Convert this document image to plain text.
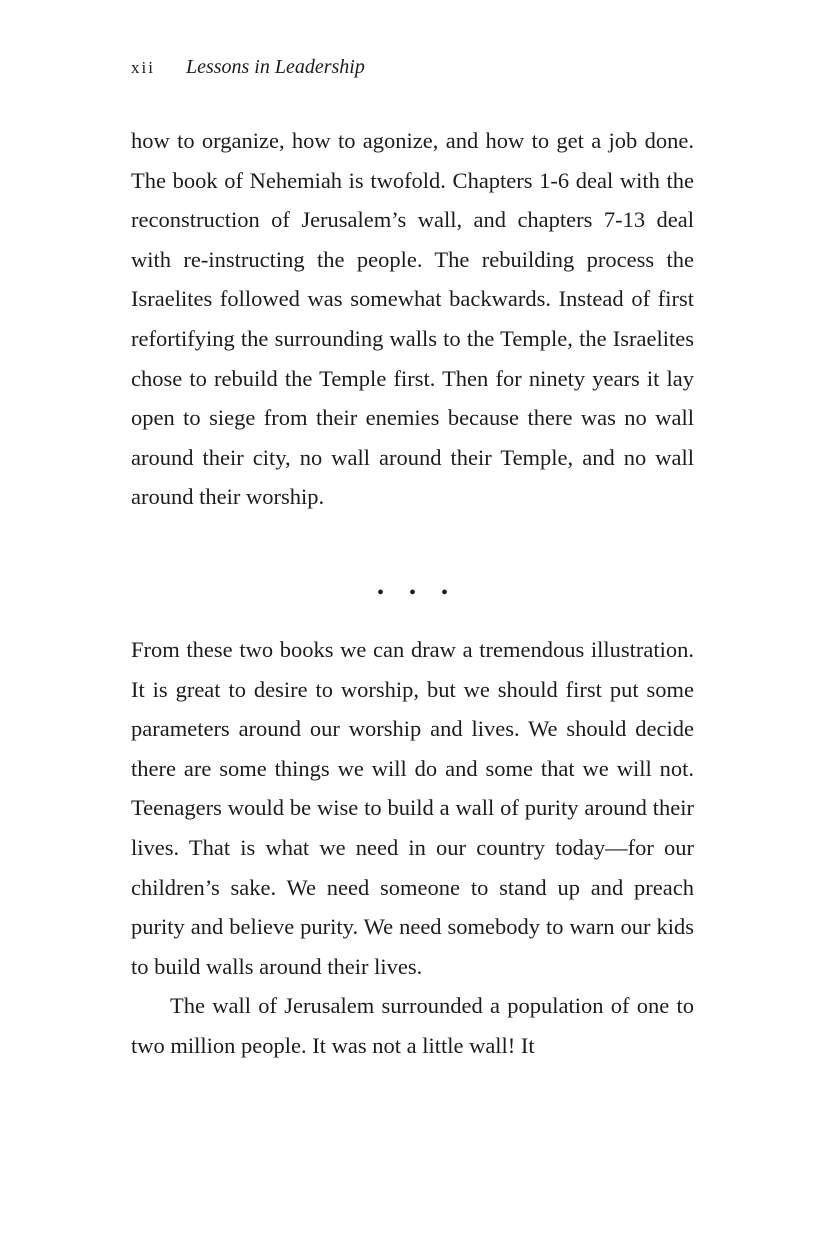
xii Lessons in Leadership

how to organize, how to agonize, and how to get a job done. The book of Nehemiah is twofold. Chapters 1-6 deal with the reconstruction of Jerusalem’s wall, and chapters 7-13 deal with re-instructing the people. The rebuilding process the Israelites followed was somewhat backwards. Instead of first refortifying the surrounding walls to the Temple, the Israelites chose to rebuild the Temple first. Then for ninety years it lay open to siege from their enemies because there was no wall around their city, no wall around their Temple, and no wall around their worship.

• • •

From these two books we can draw a tremendous illustration. It is great to desire to worship, but we should first put some parameters around our worship and lives. We should decide there are some things we will do and some that we will not. Teenagers would be wise to build a wall of purity around their lives. That is what we need in our country today—for our children’s sake. We need someone to stand up and preach purity and believe purity. We need somebody to warn our kids to build walls around their lives.

The wall of Jerusalem surrounded a population of one to two million people. It was not a little wall! It
